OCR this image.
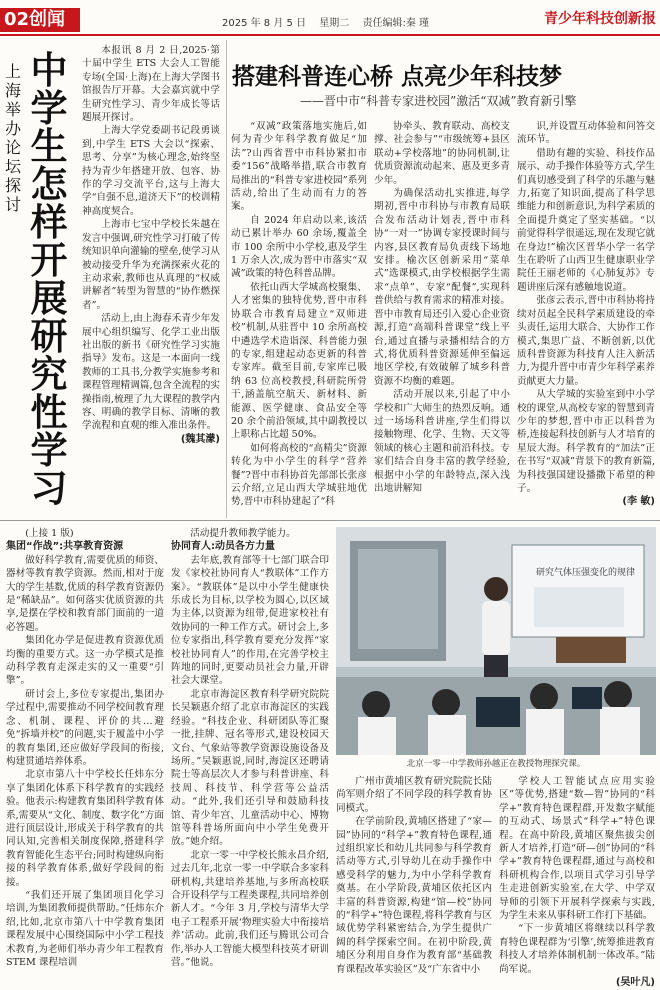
02创闻	2025 年 8 月 5 日 星期二 责任编辑:秦 瑾	青少年科技创新报
上海举办论坛探讨
中学生怎样开展研究性学习

本报讯 8 月 2 日,2025·第十届中学生 ETS 大会人工智能专场(全国·上海)在上海大学图书馆报告厅开幕。大会嘉宾就中学生研究性学习、青少年成长等话题展开探讨。

上海大学党委副书记段勇谈到,中学生 ETS 大会以“探索、思考、分享”为核心理念,始终坚持为青少年搭建开放、包容、协作的学习交流平台,这与上海大学“自强不息,道济天下”的校训精神高度契合。

上海市七宝中学校长朱越在发言中强调,研究性学习打破了传统知识单向灌输的壁垒,使学习从被动接受升华为充满探索火花的主动求索,教师也从真理的“权威讲解者”转型为智慧的“协作燃探者”。

活动上,由上海春禾青少年发展中心组织编写、化学工业出版社出版的新书《研究性学习实施指导》发布。这是一本面向一线教师的工具书,分教学实施参考和课程管理精调篇,包含全流程的实操指南,梳理了九大课程的教学内容、明确的教学目标、清晰的教学流程和直观的维入准出条件。

(魏其濛)
搭建科普连心桥 点亮少年科技梦
——晋中市“科普专家进校园”激活“双减”教育新引擎

“双减”政策落地实施后,如何为青少年科学教育做足“加法”?山西省晋中市科协紧扣市委“156”战略举措,联合市教育局推出的“科普专家进校园”系列活动,给出了生动而有力的答案。

自 2024 年启动以来,该活动已累计举办 60 余场,覆盖全市 100 余所中小学校,惠及学生 1 万余人次,成为晋中市落实“双减”政策的特色科普品牌。

依托山西大学城高校聚集、人才密集的独特优势,晋中市科协联合市教育局建立“双师进校”机制,从驻晋中 10 余所高校中遴选学术造诣深、科普能力强的专家,组建起动态更新的科普专家库。截至目前,专家库已吸纳 63 位高校教授,科研院所骨干,涵盖航空航天、新材料、新能源、医学健康、食品安全等 20 余个前沿领域,其中副教授以上职称占比超 50%。

如何将高校的“高精尖”资源转化为中小学生的科学“营养餐”?晋中市科协首先部部长张彦云介绍,立足山西大学城驻地优势,晋中市科协建起了“科

协牵头、教育联动、高校支撑、社会参与”“市级统筹+县区联动+学校落地”的协同机制,让优质资源流动起来、惠及更多青少年。

为确保活动扎实推进,每学期初,晋中市科协与市教育局联合发布活动计划表,晋中市科协“一对一”协调专家授课时间与内容,县区教育局负责线下场地安排。榆次区创新采用“菜单式”选课模式,由学校根据学生需求“点单”、专家“配餐”,实现科普供给与教育需求的精准对接。晋中市教育局还引入爱心企业资源,打造“高端科普课堂”线上平台,通过直播与录播相结合的方式,将优质科普资源延伸至偏远地区学校,有效破解了城乡科普资源不均衡的难题。

活动开展以来,引起了中小学校和广大师生的热烈反响。通过一场场科普讲座,学生们得以接触物理、化学、生物、天文等领域的核心主题和前沿科技。专家们结合自身丰富的教学经验,根据中小学的年龄特点,深入浅出地讲解知

识,并设置互动体验和问答交流环节。

借助有趣的实验、科技作品展示、动手操作体验等方式,学生们真切感受到了科学的乐趣与魅力,拓宽了知识面,提高了科学思维能力和创新意识,为科学素质的全面提升奠定了坚实基础。“以前觉得科学很遥远,现在发现它就在身边!”榆次区晋华小学一名学生在聆听了山西卫生健康职业学院任王丽老师的《心肺复苏》专题讲座后深有感触地说道。

张彦云表示,晋中市科协将持续对员起全民科学素质建设的牵头责任,运用大联合、大协作工作模式,集思广益、不断创新,以优质科普资源为科技育人注入新活力,为提升晋中市青少年科学素养贡献更大力量。

从大学城的实验室到中小学校的课堂,从高校专家的智慧到青少年的梦想,晋中市正以科普为桥,连接起科技创新与人才培育的星辰大海。科学教育的“加法”正在书写“双减”背景下的教育新篇,为科技强国建设播撒下希望的种子。

(李 敏)

(上接 1 版)

集团“作战”:共享教育资源

做好科学教育,需要优质的师资、器材等教育教学资源。然而,相对于庞大的学生基数,优质的科学教育资源仍是“稀缺品”。如何落实优质资源的共享,是摆在学校和教育部门面前的一道必答题。

集团化办学是促进教育资源优质均衡的重要方式。这一办学模式是推动科学教育走深走实的又一重要“引擎”。

研讨会上,多位专家提出,集团办学过程中,需要推动不同学校间教育理念、机制、课程、评价的共…避免“拆墙并校”的问题,实于履盖中小学的教育集团,还应做好学段间的衔接,构建贯通培养体系。

北京市第八十中学校长任炜东分享了集团化体系下科学教育的实践经验。他表示:构建教育集团科学教育体系,需要从“文化、制度、数字化”方面进行顶层设计,形成关于科学教育的共同认知,完善相关制度保障,搭建科学教育智能化生态平台;同时构建纵向衔接的科学教育体系,做好学段间的衔接。

“我们还开展了集团项目化学习培训,为集团教师提供帮助。”任炜东介绍,比如,北京市第八十中学教育集团课程发展中心围绕国际中小学工程技术教育,为老师们举办青少年工程教育 STEM 课程培训

活动提升教师教学能力。

协同育人:动员各方力量

去年底,教育部等十七部门联合印发《家校社协同育人“教联体”工作方案》。“教联体”是以中小学生健康快乐成长为目标,以学校为圆心,以区域为主体,以资源为纽带,促进家校社有效协同的一种工作方式。研讨会上,多位专家指出,科学教育要充分发挥“家校社协同育人”的作用,在完善学校主阵地的同时,更要动员社会力量,开辟社会大课堂。

北京市海淀区教育科学研究院院长吴颖惠介绍了北京市海淀区的实践经验。“科技企业、科研团队等汇聚一批,挂牌、冠名等形式,建设校园天文台、气象站等教学资源设施设备及场所。”吴颖惠说,同时,海淀区还聘请院士等高层次人才参与科普讲座、科技周、科技节、科学营等公益活动。“此外,我们还引导和鼓励科技馆、青少年宫、儿童活动中心、博物馆等科普场所面向中小学生免费开放。”她介绍。

北京一零一中学校长熊永昌介绍,过去几年,北京一零一中学联合多家科研机构,共建培养基地,与多所高校联合开设科学与工程类课程,共同培养创新人才。“今年 3 月,学校与清华大学电子工程系开展‘物理实验大中衔接培养’活动。此前,我们还与腾讯公司合作,举办人工智能大模型科技英才研训营。”他说。

研究气体压强变化的规律
北京一零一中学教师孙越正在教授物理探究课。

广州市黄埔区教育研究院院长陆尚军则介绍了不同学段的科学教育协同模式。

在学前阶段,黄埔区搭建了“家—园”协同的“科学+”教育特色课程,通过组织家长和幼儿共同参与科学教育活动等方式,引导幼儿在动手操作中感受科学的魅力,为中小学科学教育奠基。在小学阶段,黄埔区依托区内丰富的科普资源,构建“馆—校”协同的“科学+”特色课程,将科学教育与区域优势学科紧密结合,为学生提供广阔的科学探索空间。在初中阶段,黄埔区分利用自身作为教育部“基础教育课程改革实验区”及“广东省中小

学校人工智能试点应用实验区”等优势,搭建“数—智”协同的“科学+”教育特色课程群,开发数字赋能的互动式、场景式“科学+”特色课程。在高中阶段,黄埔区聚焦拔尖创新人才培养,打造“研—创”协同的“科学+”教育特色课程群,通过与高校和科研机构合作,以项目式学习引导学生走进创新实验室,在大学、中学双导师的引领下开展科学探索与实践,为学生未来从事科研工作打下基础。

“下一步黄埔区将继续以科学教育特色课程群为‘引擎’,统筹推进教育科技人才培养体制机制一体改革。”陆尚军说。

(吴叶凡)
